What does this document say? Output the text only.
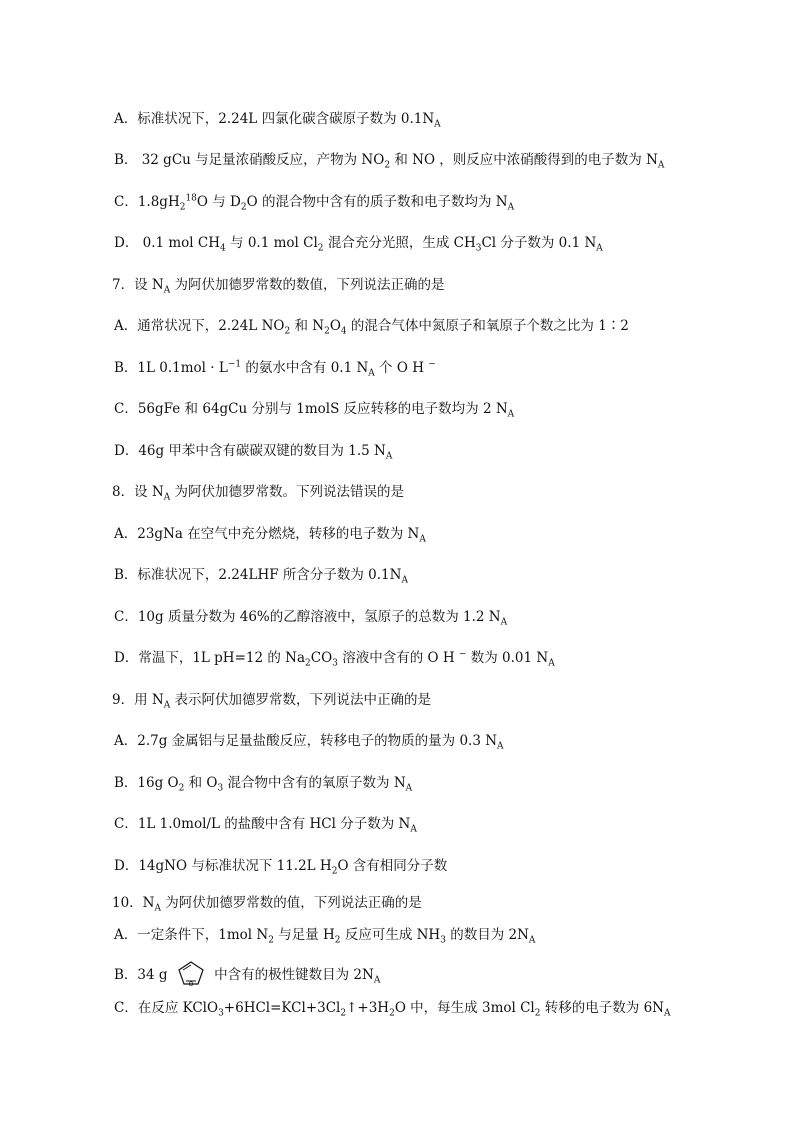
A．标准状况下，2.24L 四氯化碳含碳原子数为 $0.1N_A$
B． 32 gCu 与足量浓硝酸反应，产物为 $NO_2$ 和 NO ，则反应中浓硝酸得到的电子数为 $N_A$
C．$1.8gH_2^{18}O$ 与 $D_2O$ 的混合物中含有的质子数和电子数均为 $N_A$
D． 0.1 mol $CH_4$ 与 0.1 mol $Cl_2$ 混合充分光照，生成 $CH_3Cl$ 分子数为 0.1 $N_A$
7．设 $N_A$ 为阿伏加德罗常数的数值，下列说法正确的是
A．通常状况下，2.24L $NO_2$ 和 $N_2O_4$ 的混合气体中氮原子和氧原子个数之比为 1∶2
B．1L $0.1mol \cdot L^{-1}$ 的氨水中含有 0.1 $N_A$ 个 O H −
C．56gFe 和 64gCu 分别与 1molS 反应转移的电子数均为 2 $N_A$
D．46g 甲苯中含有碳碳双键的数目为 1.5 $N_A$
8．设 $N_A$ 为阿伏加德罗常数。下列说法错误的是
A．23gNa 在空气中充分燃烧，转移的电子数为 $N_A$
B．标准状况下，2.24LHF 所含分子数为 $0.1N_A$
C．10g 质量分数为 46%的乙醇溶液中，氢原子的总数为 1.2 $N_A$
D．常温下，1L pH=12 的 $Na_2CO_3$ 溶液中含有的 O H − 数为 0.01 $N_A$
9．用 $N_A$ 表示阿伏加德罗常数，下列说法中正确的是
A．2.7g 金属铝与足量盐酸反应，转移电子的物质的量为 0.3 $N_A$
B．16g $O_2$ 和 $O_3$ 混合物中含有的氧原子数为 $N_A$
C．1L 1.0mol/L 的盐酸中含有 HCl 分子数为 $N_A$
D．14gNO 与标准状况下 11.2L $H_2O$ 含有相同分子数
10．$N_A$ 为阿伏加德罗常数的值，下列说法正确的是
A．一定条件下，1mol $N_2$ 与足量 $H_2$ 反应可生成 $NH_3$ 的数目为 $2N_A$
B．34 g
O
中含有的极性键数目为 $2N_A$
C．在反应 $KClO_3+6HCl=KCl+3Cl_2↑+3H_2O$ 中，每生成 3mol $Cl_2$ 转移的电子数为 $6N_A$
